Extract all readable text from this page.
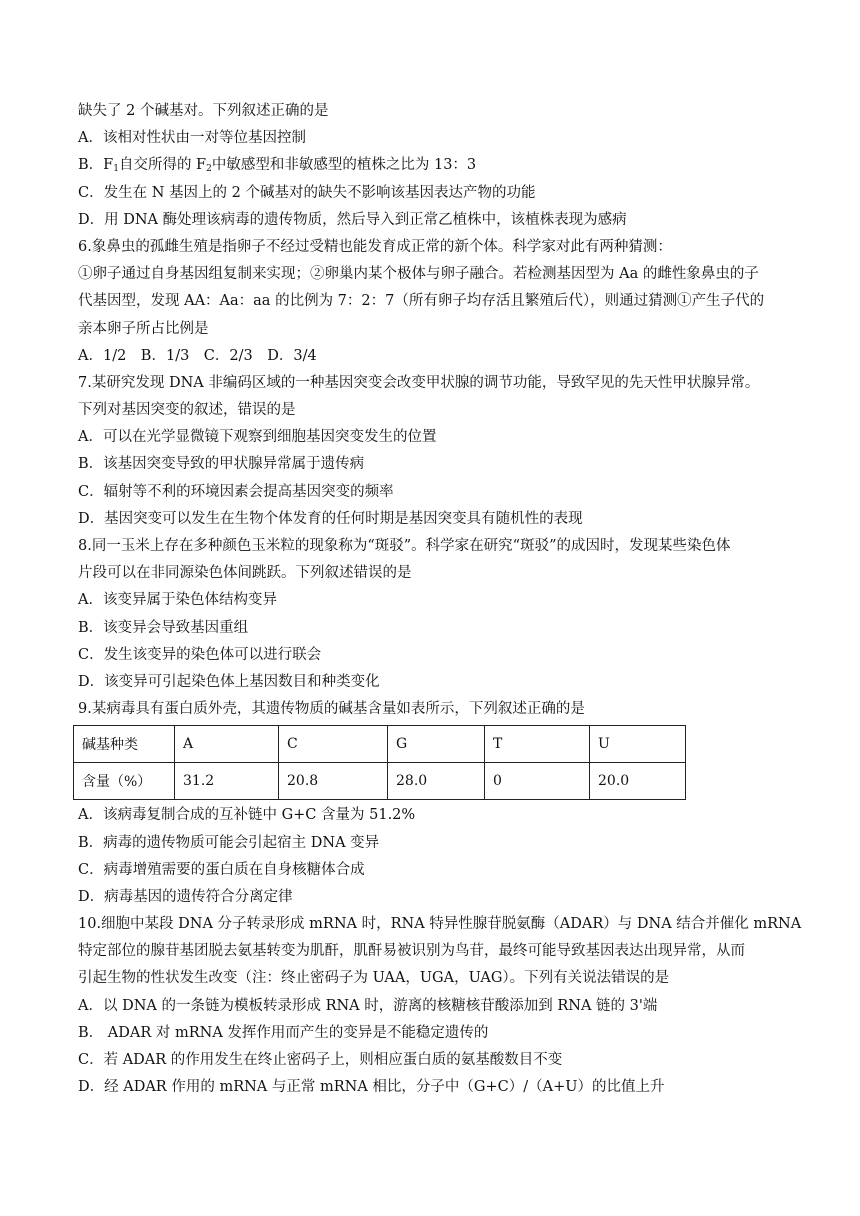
缺失了 2 个碱基对。下列叙述正确的是
A．该相对性状由一对等位基因控制
B．$F_1$自交所得的 $F_2$中敏感型和非敏感型的植株之比为 13：3
C．发生在 N 基因上的 2 个碱基对的缺失不影响该基因表达产物的功能
D．用 DNA 酶处理该病毒的遗传物质，然后导入到正常乙植株中，该植株表现为感病
6.象鼻虫的孤雌生殖是指卵子不经过受精也能发育成正常的新个体。科学家对此有两种猜测：
①卵子通过自身基因组复制来实现；②卵巢内某个极体与卵子融合。若检测基因型为 Aa 的雌性象鼻虫的子
代基因型，发现 AA：Aa：aa 的比例为 7：2：7（所有卵子均存活且繁殖后代），则通过猜测①产生子代的
亲本卵子所占比例是
A．1/2　B．1/3　C．2/3　D．3/4
7.某研究发现 DNA 非编码区域的一种基因突变会改变甲状腺的调节功能，导致罕见的先天性甲状腺异常。
下列对基因突变的叙述，错误的是
A．可以在光学显微镜下观察到细胞基因突变发生的位置
B．该基因突变导致的甲状腺异常属于遗传病
C．辐射等不利的环境因素会提高基因突变的频率
D．基因突变可以发生在生物个体发育的任何时期是基因突变具有随机性的表现
8.同一玉米上存在多种颜色玉米粒的现象称为“斑驳”。科学家在研究“斑驳”的成因时，发现某些染色体
片段可以在非同源染色体间跳跃。下列叙述错误的是
A．该变异属于染色体结构变异
B．该变异会导致基因重组
C．发生该变异的染色体可以进行联会
D．该变异可引起染色体上基因数目和种类变化
9.某病毒具有蛋白质外壳，其遗传物质的碱基含量如表所示，下列叙述正确的是
碱基种类	A	C	G	T	U
含量（%）	31.2	20.8	28.0	0	20.0
A．该病毒复制合成的互补链中 G+C 含量为 51.2%
B．病毒的遗传物质可能会引起宿主 DNA 变异
C．病毒增殖需要的蛋白质在自身核糖体合成
D．病毒基因的遗传符合分离定律
10.细胞中某段 DNA 分子转录形成 mRNA 时，RNA 特异性腺苷脱氨酶（ADAR）与 DNA 结合并催化 mRNA
特定部位的腺苷基团脱去氨基转变为肌酐，肌酐易被识别为鸟苷，最终可能导致基因表达出现异常，从而
引起生物的性状发生改变（注：终止密码子为 UAA，UGA，UAG）。下列有关说法错误的是
A．以 DNA 的一条链为模板转录形成 RNA 时，游离的核糖核苷酸添加到 RNA 链的 3'端
B． ADAR 对 mRNA 发挥作用而产生的变异是不能稳定遗传的
C．若 ADAR 的作用发生在终止密码子上，则相应蛋白质的氨基酸数目不变
D．经 ADAR 作用的 mRNA 与正常 mRNA 相比，分子中（G+C）/（A+U）的比值上升
